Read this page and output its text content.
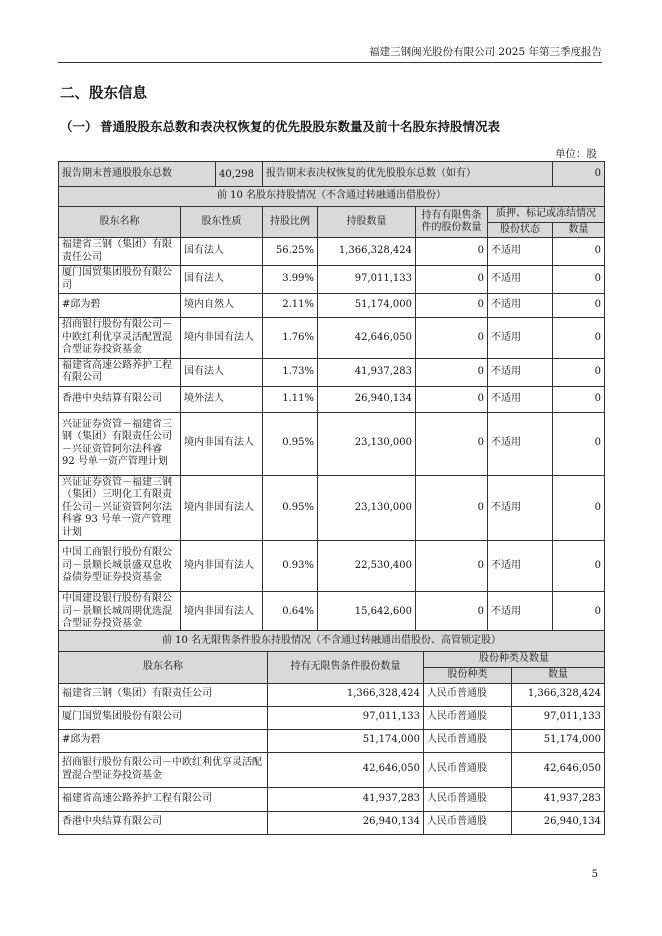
福建三钢闽光股份有限公司 2025 年第三季度报告
二、股东信息
（一） 普通股股东总数和表决权恢复的优先股股东数量及前十名股东持股情况表
单位：股
报告期末普通股股东总数 40,298		报告期末表决权恢复的优先股股东总数（如有）				0
前 10 名股东持股情况（不含通过转融通出借股份）						
股东名称	股东性质	持股比例	持股数量	持有有限售条件的股份数量	质押、标记或冻结情况	
					股份状态	数量
福建省三钢（集团）有限责任公司	国有法人	56.25%	1,366,328,424	0	不适用	0
厦门国贸集团股份有限公司	国有法人	3.99%	97,011,133	0	不适用	0
#邱为碧	境内自然人	2.11%	51,174,000	0	不适用	0
招商银行股份有限公司－中欧红利优享灵活配置混合型证券投资基金	境内非国有法人	1.76%	42,646,050	0	不适用	0
福建省高速公路养护工程有限公司	国有法人	1.73%	41,937,283	0	不适用	0
香港中央结算有限公司	境外法人	1.11%	26,940,134	0	不适用	0
兴证证券资管－福建省三钢（集团）有限责任公司－兴证资管阿尔法科睿 92 号单一资产管理计划	境内非国有法人	0.95%	23,130,000	0	不适用	0
兴证证券资管－福建三钢（集团）三明化工有限责任公司－兴证资管阿尔法科睿 93 号单一资产管理计划	境内非国有法人	0.95%	23,130,000	0	不适用	0
中国工商银行股份有限公司－景顺长城景盛双息收益债券型证券投资基金	境内非国有法人	0.93%	22,530,400	0	不适用	0
中国建设银行股份有限公司－景顺长城周期优选混合型证券投资基金	境内非国有法人	0.64%	15,642,600	0	不适用	0
前 10 名无限售条件股东持股情况（不含通过转融通出借股份、高管锁定股）			
股东名称	持有无限售条件股份数量	股份种类及数量	
		股份种类	数量
福建省三钢（集团）有限责任公司	1,366,328,424	人民币普通股	1,366,328,424
厦门国贸集团股份有限公司	97,011,133	人民币普通股	97,011,133
#邱为碧	51,174,000	人民币普通股	51,174,000
招商银行股份有限公司－中欧红利优享灵活配置混合型证券投资基金	42,646,050	人民币普通股	42,646,050
福建省高速公路养护工程有限公司	41,937,283	人民币普通股	41,937,283
香港中央结算有限公司	26,940,134	人民币普通股	26,940,134
5
